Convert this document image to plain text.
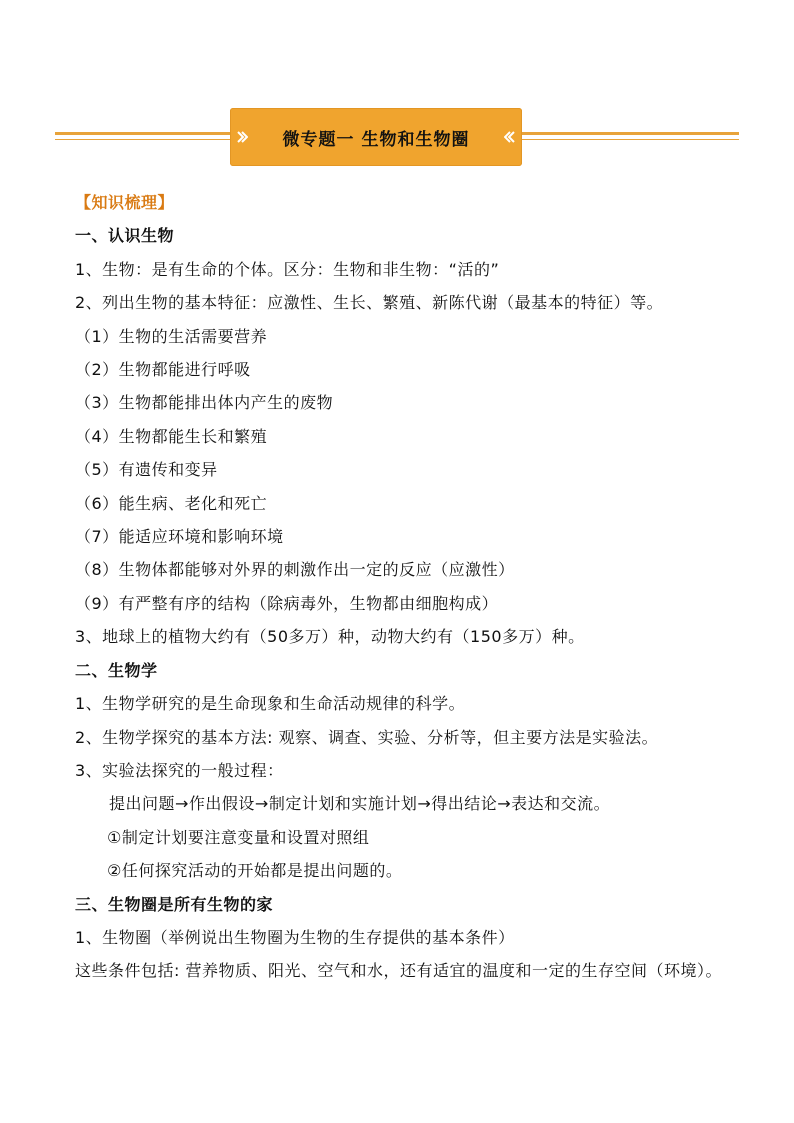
微专题一 生物和生物圈
【知识梳理】
一、认识生物
1、生物：是有生命的个体。区分：生物和非生物：“活的”
2、列出生物的基本特征：应激性、生长、繁殖、新陈代谢（最基本的特征）等。
（1）生物的生活需要营养
（2）生物都能进行呼吸
（3）生物都能排出体内产生的废物
（4）生物都能生长和繁殖
（5）有遗传和变异
（6）能生病、老化和死亡
（7）能适应环境和影响环境
（8）生物体都能够对外界的刺激作出一定的反应（应激性）
（9）有严整有序的结构（除病毒外，生物都由细胞构成）
3、地球上的植物大约有（50多万）种，动物大约有（150多万）种。
二、生物学
1、生物学研究的是生命现象和生命活动规律的科学。
2、生物学探究的基本方法: 观察、调查、实验、分析等，但主要方法是实验法。
3、实验法探究的一般过程：
提出问题→作出假设→制定计划和实施计划→得出结论→表达和交流。
①制定计划要注意变量和设置对照组
②任何探究活动的开始都是提出问题的。
三、生物圈是所有生物的家
1、生物圈（举例说出生物圈为生物的生存提供的基本条件）
这些条件包括: 营养物质、阳光、空气和水，还有适宜的温度和一定的生存空间（环境）。
